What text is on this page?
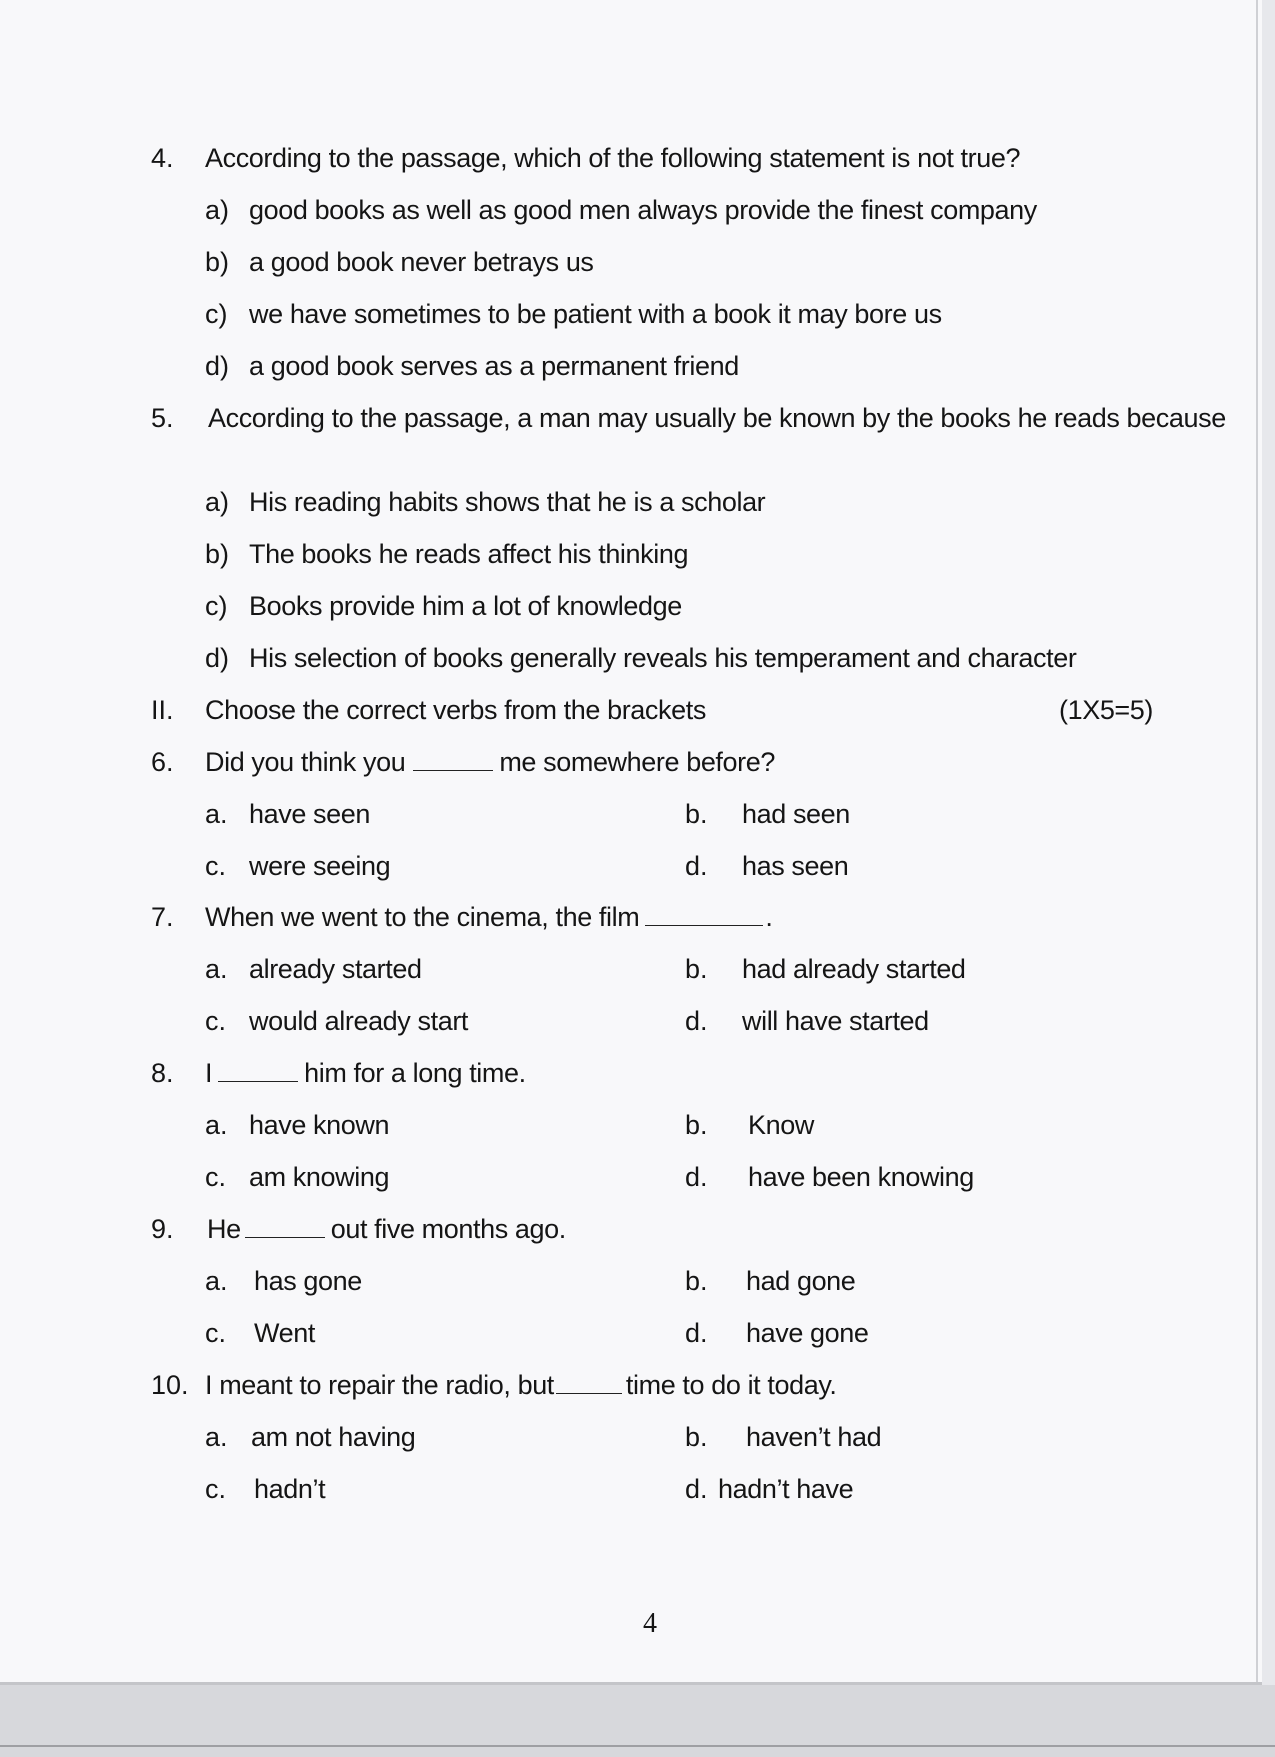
4. According to the passage, which of the following statement is not true?
a) good books as well as good men always provide the finest company
b) a good book never betrays us
c) we have sometimes to be patient with a book it may bore us
d) a good book serves as a permanent friend
5. According to the passage, a man may usually be known by the books he reads because
a) His reading habits shows that he is a scholar
b) The books he reads affect his thinking
c) Books provide him a lot of knowledge
d) His selection of books generally reveals his temperament and character
II. Choose the correct verbs from the brackets	(1X5=5)
6. Did you think you	me somewhere before?
a. have seen	b. had seen
c. were seeing	d. has seen
7. When we went to the cinema, the film	.
a. already started	b. had already started
c. would already start	d. will have started
8. I	him for a long time.
a. have known	b. Know
c. am knowing	d. have been knowing
9. He	out five months ago.
a. has gone	b. had gone
c. Went	d. have gone
10. I meant to repair the radio, but	time to do it today.
a. am not having	b. haven’t had
c. hadn’t	d. hadn’t have
4
